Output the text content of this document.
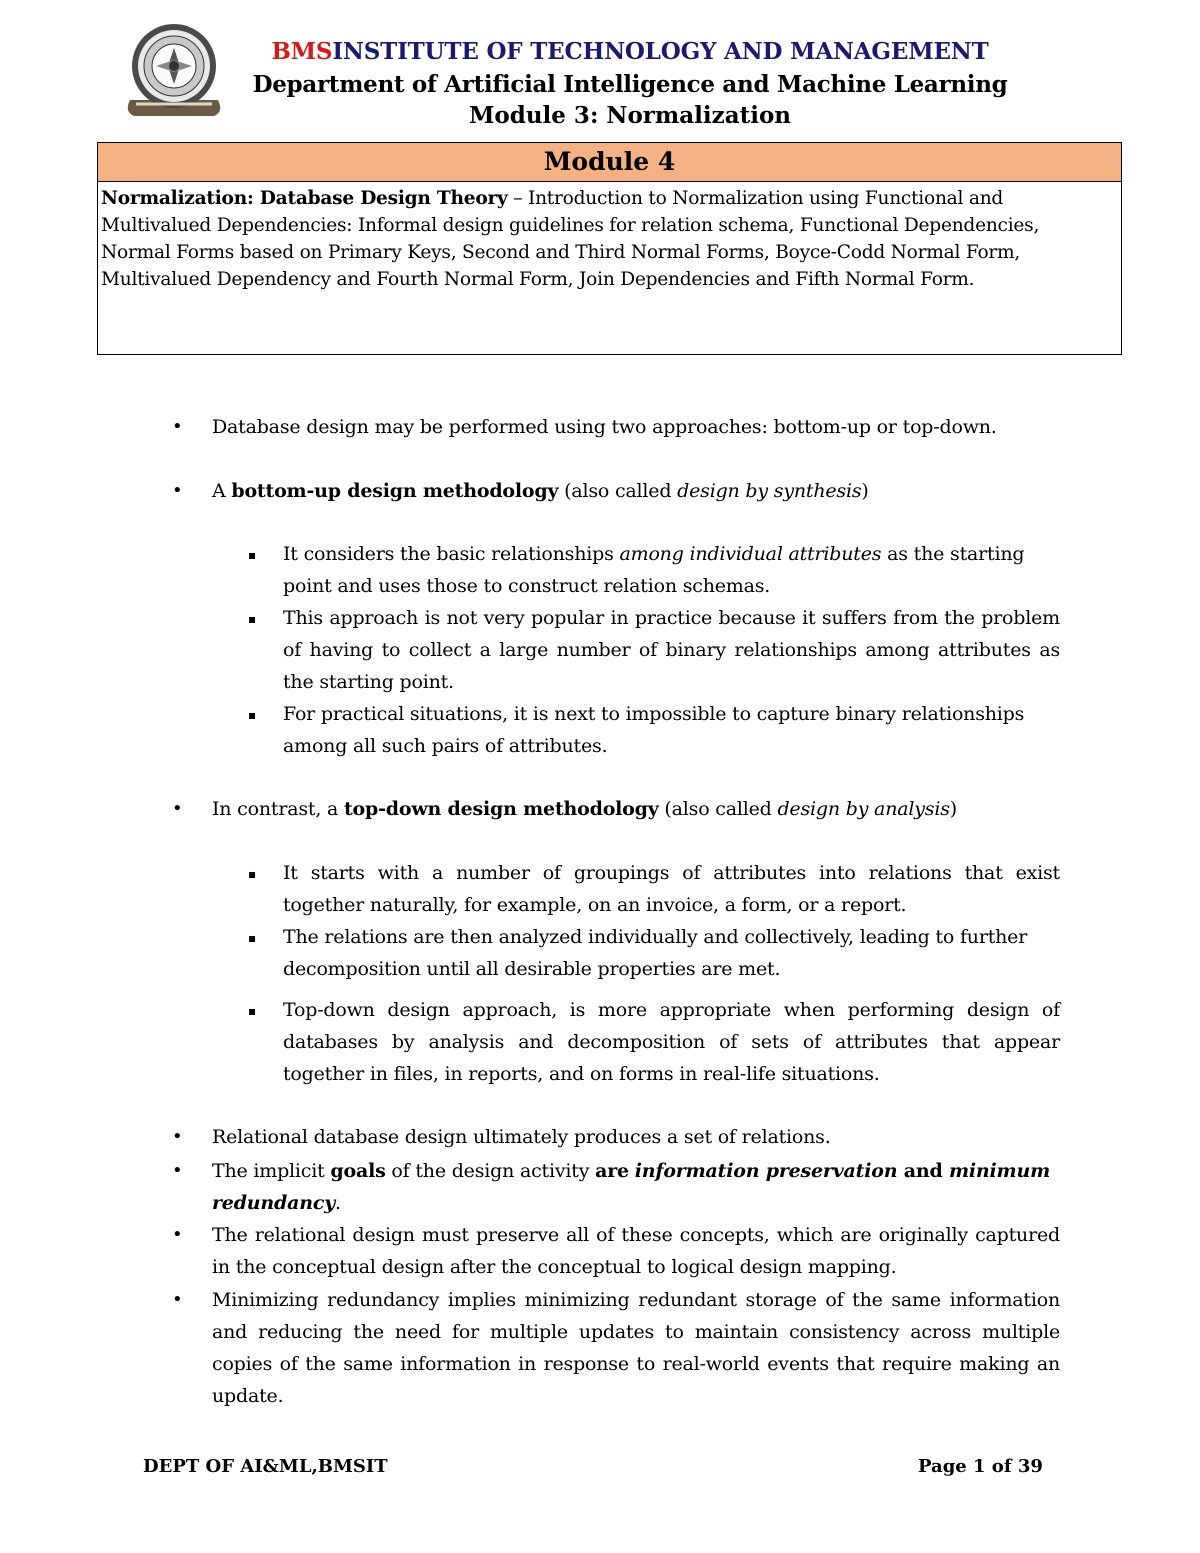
BMSINSTITUTE OF TECHNOLOGY AND MANAGEMENT
Department of Artificial Intelligence and Machine Learning
Module 3: Normalization
Module 4
Normalization: Database Design Theory – Introduction to Normalization using Functional and
Multivalued Dependencies: Informal design guidelines for relation schema, Functional Dependencies,
Normal Forms based on Primary Keys, Second and Third Normal Forms, Boyce-Codd Normal Form,
Multivalued Dependency and Fourth Normal Form, Join Dependencies and Fifth Normal Form.
• Database design may be performed using two approaches: bottom-up or top-down.
• A bottom-up design methodology (also called design by synthesis)
▪ It considers the basic relationships among individual attributes as the starting point and uses those to construct relation schemas.
▪ This approach is not very popular in practice because it suffers from the problem of having to collect a large number of binary relationships among attributes as the starting point.
▪ For practical situations, it is next to impossible to capture binary relationships among all such pairs of attributes.
• In contrast, a top-down design methodology (also called design by analysis)
▪ It starts with a number of groupings of attributes into relations that exist together naturally, for example, on an invoice, a form, or a report.
▪ The relations are then analyzed individually and collectively, leading to further decomposition until all desirable properties are met.
▪ Top-down design approach, is more appropriate when performing design of databases by analysis and decomposition of sets of attributes that appear together in files, in reports, and on forms in real-life situations.
• Relational database design ultimately produces a set of relations.
• The implicit goals of the design activity are information preservation and minimum redundancy.
• The relational design must preserve all of these concepts, which are originally captured in the conceptual design after the conceptual to logical design mapping.
• Minimizing redundancy implies minimizing redundant storage of the same information and reducing the need for multiple updates to maintain consistency across multiple copies of the same information in response to real-world events that require making an update.
DEPT OF AI&ML,BMSIT	Page 1 of 39
